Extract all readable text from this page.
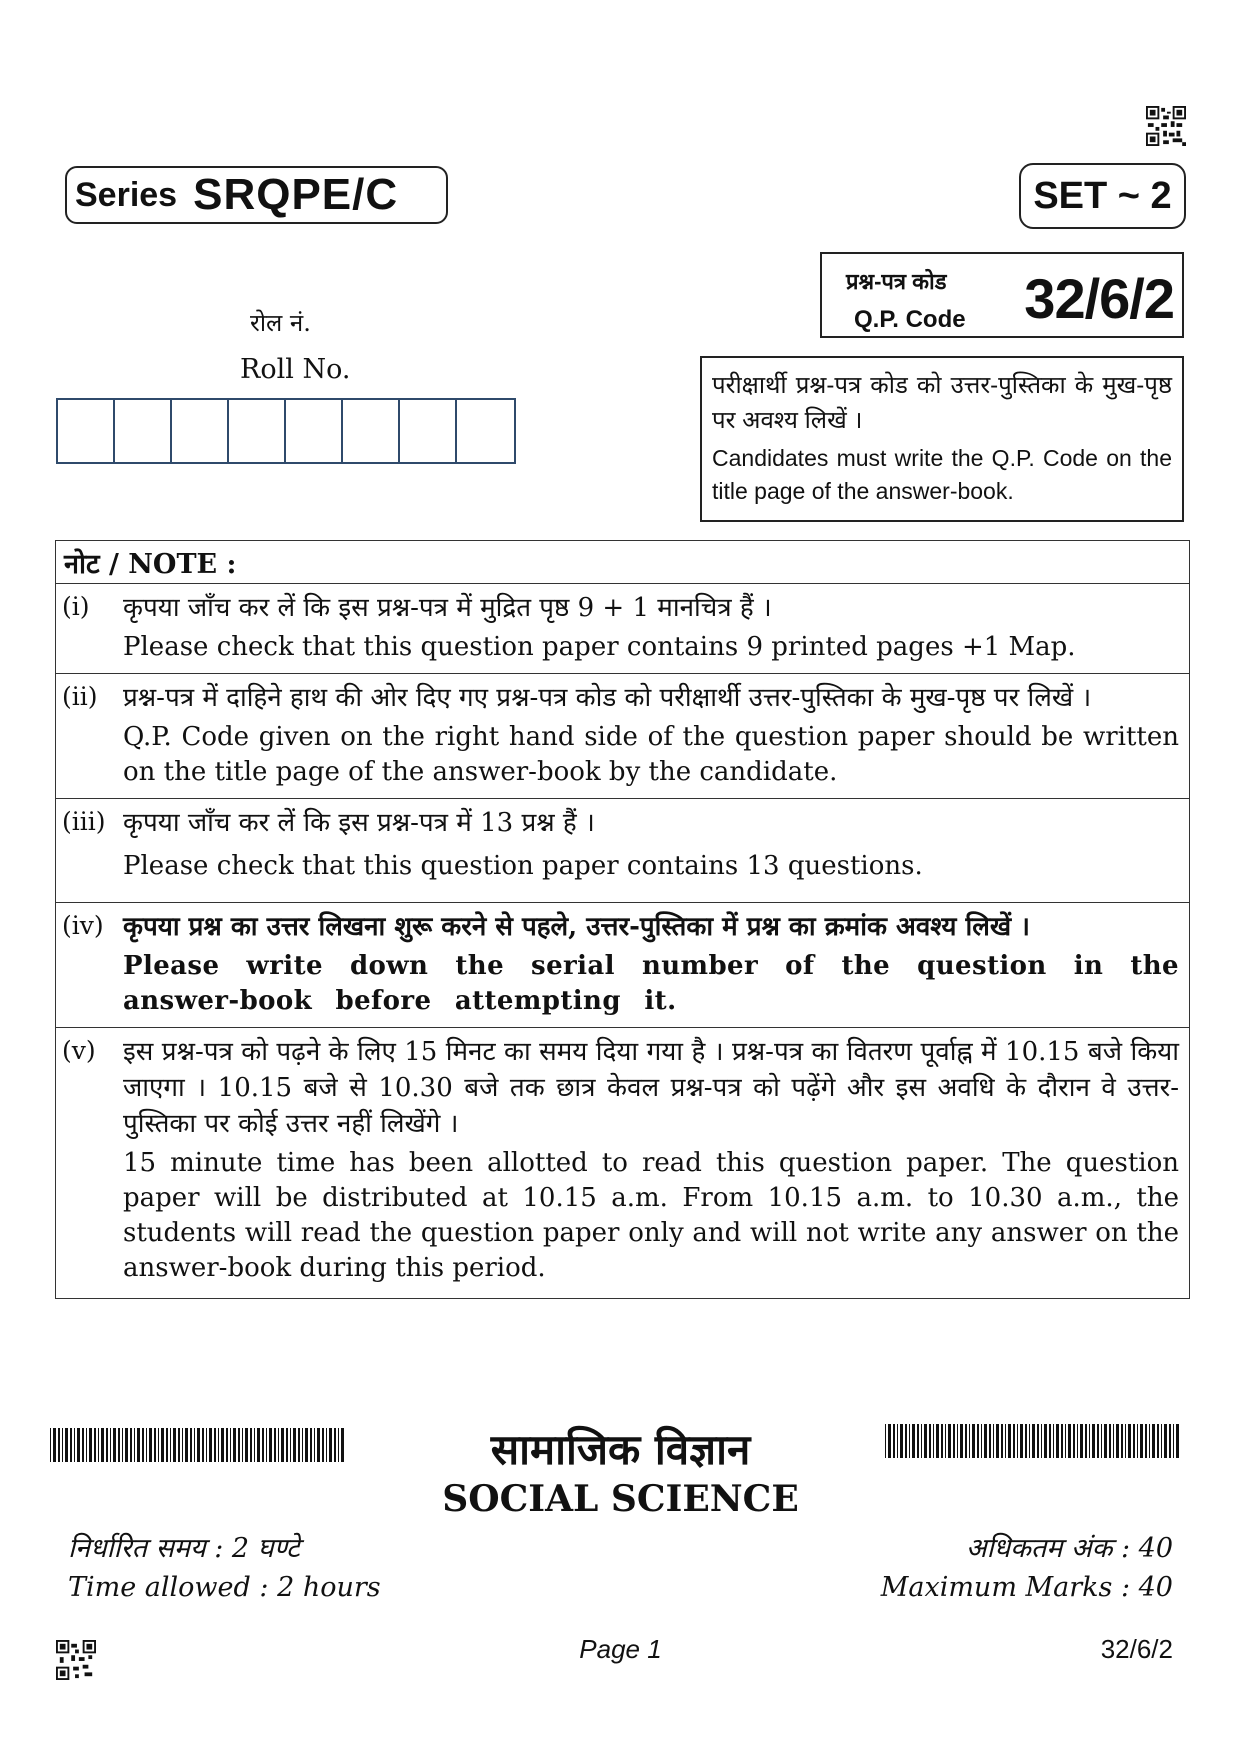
Series SRQPE/C	SET ~ 2
प्रश्न-पत्र कोड
Q.P. Code 32/6/2
परीक्षार्थी प्रश्न-पत्र कोड को उत्तर-पुस्तिका के मुख-पृष्ठ पर अवश्य लिखें ।
Candidates must write the Q.P. Code on the title page of the answer-book.
रोल नं.
Roll No.
नोट / NOTE :
(i) कृपया जाँच कर लें कि इस प्रश्न-पत्र में मुद्रित पृष्ठ 9 + 1 मानचित्र हैं ।
Please check that this question paper contains 9 printed pages +1 Map.
(ii) प्रश्न-पत्र में दाहिने हाथ की ओर दिए गए प्रश्न-पत्र कोड को परीक्षार्थी उत्तर-पुस्तिका के मुख-पृष्ठ पर लिखें ।
Q.P. Code given on the right hand side of the question paper should be written on the title page of the answer-book by the candidate.
(iii) कृपया जाँच कर लें कि इस प्रश्न-पत्र में 13 प्रश्न हैं ।
Please check that this question paper contains 13 questions.
(iv) कृपया प्रश्न का उत्तर लिखना शुरू करने से पहले, उत्तर-पुस्तिका में प्रश्न का क्रमांक अवश्य लिखें ।
Please write down the serial number of the question in the answer-book before attempting it.
(v) इस प्रश्न-पत्र को पढ़ने के लिए 15 मिनट का समय दिया गया है । प्रश्न-पत्र का वितरण पूर्वाह्न में 10.15 बजे किया जाएगा । 10.15 बजे से 10.30 बजे तक छात्र केवल प्रश्न-पत्र को पढ़ेंगे और इस अवधि के दौरान वे उत्तर-पुस्तिका पर कोई उत्तर नहीं लिखेंगे ।
15 minute time has been allotted to read this question paper. The question paper will be distributed at 10.15 a.m. From 10.15 a.m. to 10.30 a.m., the students will read the question paper only and will not write any answer on the answer-book during this period.
सामाजिक विज्ञान
SOCIAL SCIENCE
निर्धारित समय : 2 घण्टे
Time allowed : 2 hours
अधिकतम अंक : 40
Maximum Marks : 40
Page 1	32/6/2
